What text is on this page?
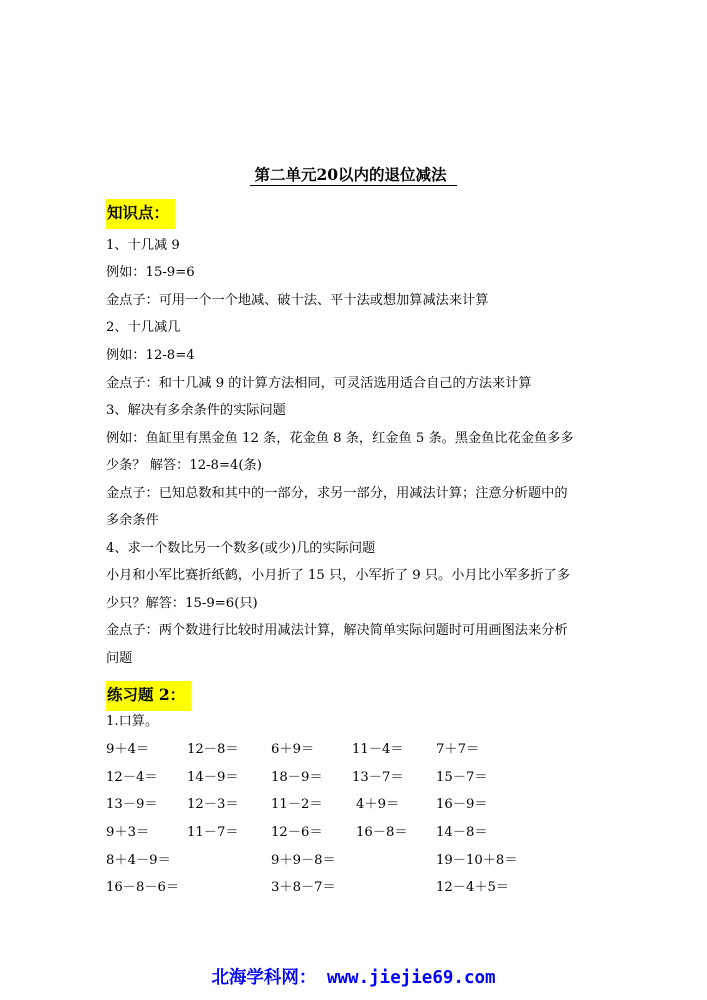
第二单元20以内的退位减法
知识点：
1、十几减 9
例如：15-9=6
金点子：可用一个一个地减、破十法、平十法或想加算减法来计算
2、十几减几
例如：12-8=4
金点子：和十几减 9 的计算方法相同，可灵活选用适合自己的方法来计算
3、解决有多余条件的实际问题
例如：鱼缸里有黑金鱼 12 条，花金鱼 8 条，红金鱼 5 条。黑金鱼比花金鱼多多
少条？ 解答：12-8=4(条)
金点子：已知总数和其中的一部分，求另一部分，用减法计算；注意分析题中的
多余条件
4、求一个数比另一个数多(或少)几的实际问题
小月和小军比赛折纸鹤，小月折了 15 只，小军折了 9 只。小月比小军多折了多
少只？解答：15-9=6(只)
金点子：两个数进行比较时用减法计算，解决简单实际问题时可用画图法来分析
问题
练习题 2：
1.口算。
9＋4＝	12－8＝ 6＋9＝	11－4＝ 7＋7＝
12－4＝ 14－9＝ 18－9＝ 13－7＝ 15－7＝
13－9＝ 12－3＝ 11－2＝	4＋9＝	16－9＝
9＋3＝	11－7＝ 12－6＝	16－8＝ 14－8＝
8＋4－9＝	9＋9－8＝	19－10＋8＝
16－8－6＝	3＋8－7＝	12－4＋5＝
北海学科网： www.jiejie69.com
